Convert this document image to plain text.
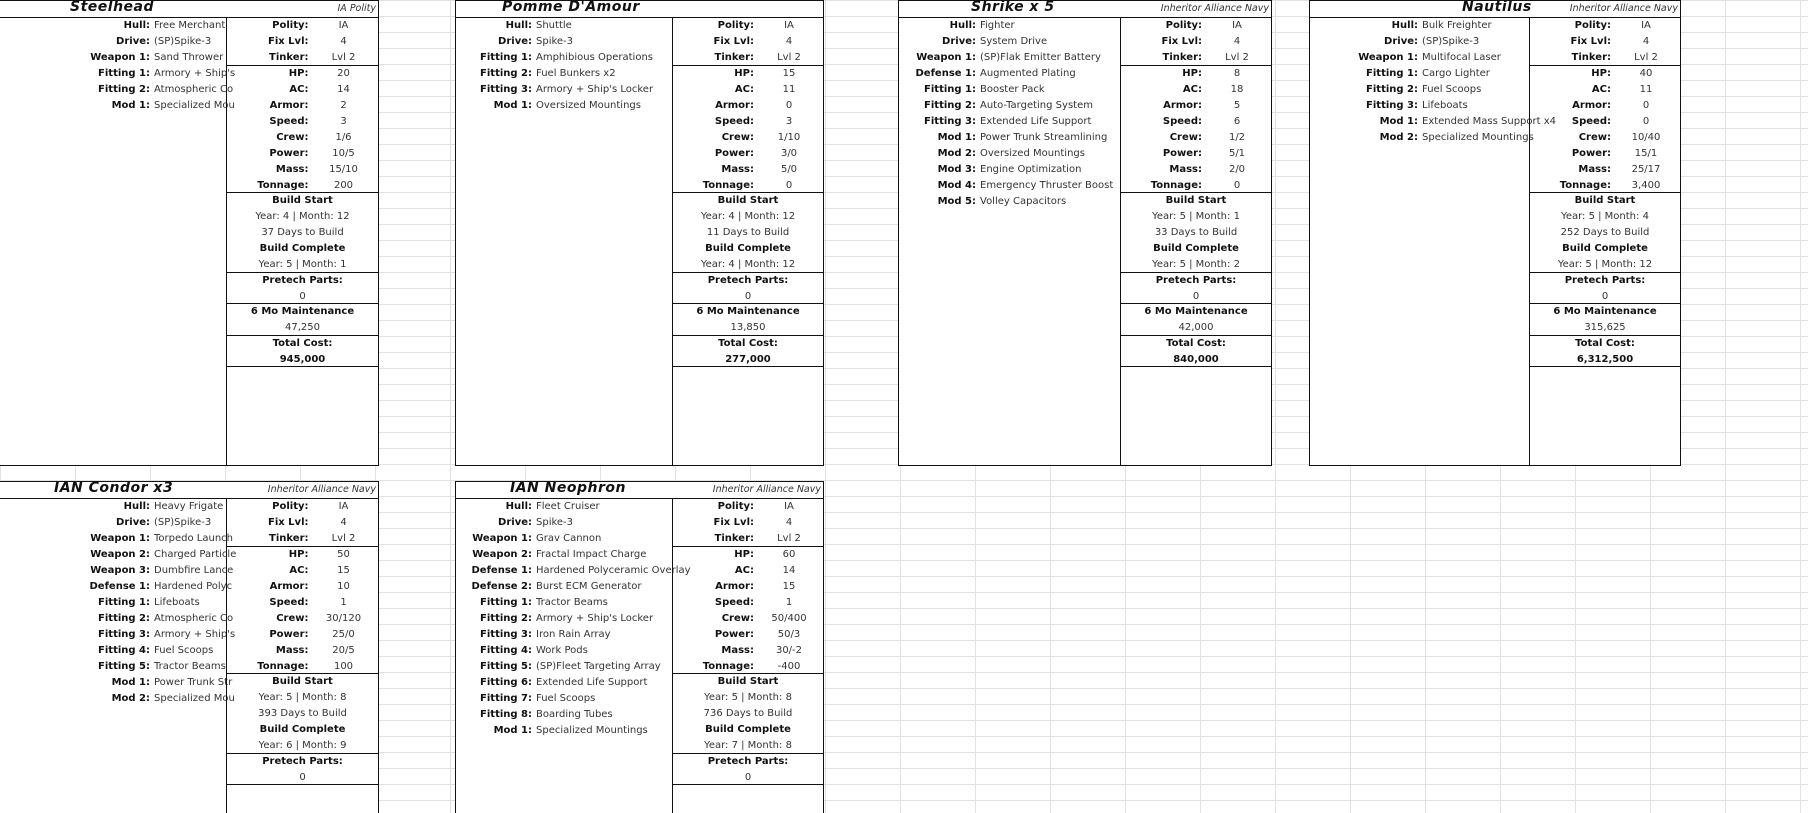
Steelhead	IA Polity
Hull: Free Merchant
Drive: (SP)Spike-3
Weapon 1: Sand Thrower
Fitting 1: Armory + Ship's
Fitting 2: Atmospheric Co
Mod 1: Specialized Mou
Polity:	IA
Fix Lvl:	4
Tinker:	Lvl 2
HP:	20
AC:	14
Armor:	2
Speed:	3
Crew:	1/6
Power:	10/5
Mass:	15/10
Tonnage:	200
Build Start
Year: 4 | Month: 12
37 Days to Build
Build Complete
Year: 5 | Month: 1
Pretech Parts:
0
6 Mo Maintenance
47,250
Total Cost:
945,000
Pomme D'Amour
Hull: Shuttle
Drive: Spike-3
Fitting 1: Amphibious Operations
Fitting 2: Fuel Bunkers x2
Fitting 3: Armory + Ship's Locker
Mod 1: Oversized Mountings
Polity:	IA
Fix Lvl:	4
Tinker:	Lvl 2
HP:	15
AC:	11
Armor:	0
Speed:	3
Crew:	1/10
Power:	3/0
Mass:	5/0
Tonnage:	0
Build Start
Year: 4 | Month: 12
11 Days to Build
Build Complete
Year: 4 | Month: 12
Pretech Parts:
0
6 Mo Maintenance
13,850
Total Cost:
277,000
Shrike x 5	Inheritor Alliance Navy
Hull: Fighter
Drive: System Drive
Weapon 1: (SP)Flak Emitter Battery
Defense 1: Augmented Plating
Fitting 1: Booster Pack
Fitting 2: Auto-Targeting System
Fitting 3: Extended Life Support
Mod 1: Power Trunk Streamlining
Mod 2: Oversized Mountings
Mod 3: Engine Optimization
Mod 4: Emergency Thruster Boost
Mod 5: Volley Capacitors
Polity:	IA
Fix Lvl:	4
Tinker:	Lvl 2
HP:	8
AC:	18
Armor:	5
Speed:	6
Crew:	1/2
Power:	5/1
Mass:	2/0
Tonnage:	0
Build Start
Year: 5 | Month: 1
33 Days to Build
Build Complete
Year: 5 | Month: 2
Pretech Parts:
0
6 Mo Maintenance
42,000
Total Cost:
840,000
Nautilus	Inheritor Alliance Navy
Hull: Bulk Freighter
Drive: (SP)Spike-3
Weapon 1: Multifocal Laser
Fitting 1: Cargo Lighter
Fitting 2: Fuel Scoops
Fitting 3: Lifeboats
Mod 1: Extended Mass Support x4
Mod 2: Specialized Mountings
Polity:	IA
Fix Lvl:	4
Tinker:	Lvl 2
HP:	40
AC:	11
Armor:	0
Speed:	0
Crew:	10/40
Power:	15/1
Mass:	25/17
Tonnage:	3,400
Build Start
Year: 5 | Month: 4
252 Days to Build
Build Complete
Year: 5 | Month: 12
Pretech Parts:
0
6 Mo Maintenance
315,625
Total Cost:
6,312,500
IAN Condor x3	Inheritor Alliance Navy
Hull: Heavy Frigate
Drive: (SP)Spike-3
Weapon 1: Torpedo Launch
Weapon 2: Charged Particle
Weapon 3: Dumbfire Lance
Defense 1: Hardened Polyc
Fitting 1: Lifeboats
Fitting 2: Atmospheric Co
Fitting 3: Armory + Ship's
Fitting 4: Fuel Scoops
Fitting 5: Tractor Beams
Mod 1: Power Trunk Str
Mod 2: Specialized Mou
Polity:	IA
Fix Lvl:	4
Tinker:	Lvl 2
HP:	50
AC:	15
Armor:	10
Speed:	1
Crew:	30/120
Power:	25/0
Mass:	20/5
Tonnage:	100
Build Start
Year: 5 | Month: 8
393 Days to Build
Build Complete
Year: 6 | Month: 9
Pretech Parts:
0
IAN Neophron	Inheritor Alliance Navy
Hull: Fleet Cruiser
Drive: Spike-3
Weapon 1: Grav Cannon
Weapon 2: Fractal Impact Charge
Defense 1: Hardened Polyceramic Overlay
Defense 2: Burst ECM Generator
Fitting 1: Tractor Beams
Fitting 2: Armory + Ship's Locker
Fitting 3: Iron Rain Array
Fitting 4: Work Pods
Fitting 5: (SP)Fleet Targeting Array
Fitting 6: Extended Life Support
Fitting 7: Fuel Scoops
Fitting 8: Boarding Tubes
Mod 1: Specialized Mountings
Polity:	IA
Fix Lvl:	4
Tinker:	Lvl 2
HP:	60
AC:	14
Armor:	15
Speed:	1
Crew:	50/400
Power:	50/3
Mass:	30/-2
Tonnage:	-400
Build Start
Year: 5 | Month: 8
736 Days to Build
Build Complete
Year: 7 | Month: 8
Pretech Parts:
0
